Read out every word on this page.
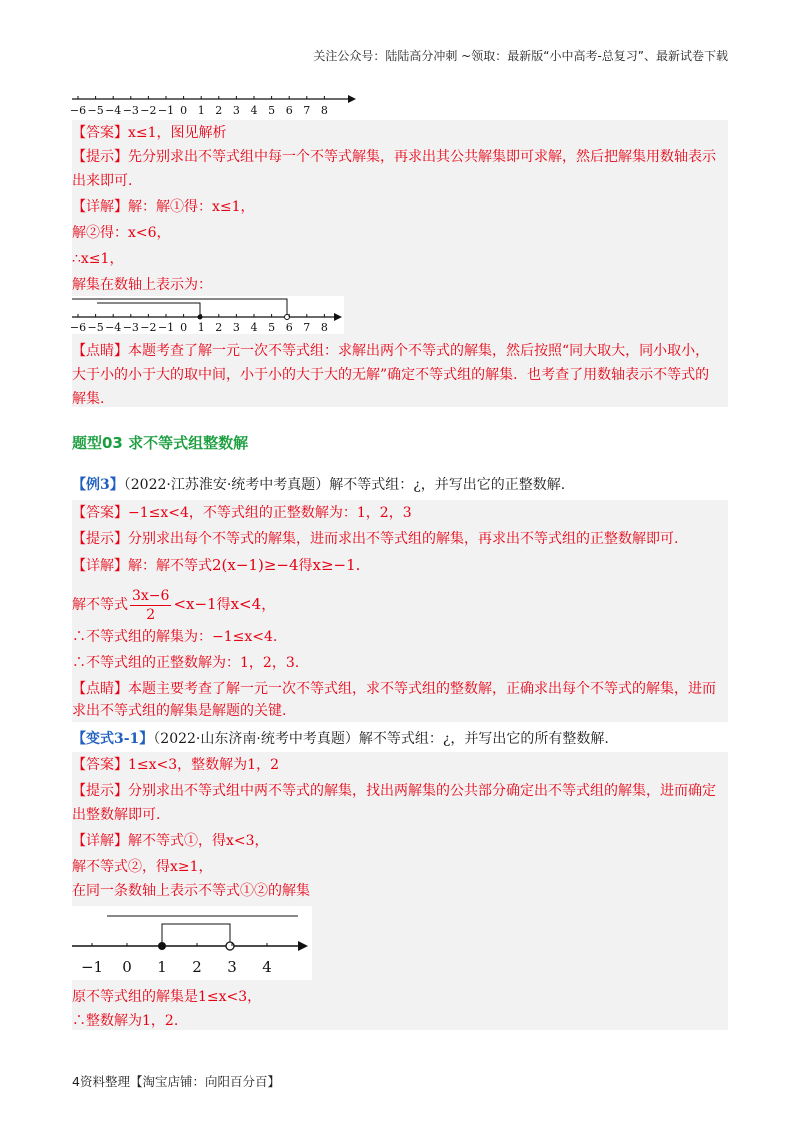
关注公众号：陆陆高分冲刺 ~领取：最新版“小中高考-总复习”、最新试卷下载
−6 −5 −4 −3 −2 −1 0 1 2 3 4 5 6 7 8
【答案】x≤1，图见解析
【提示】先分别求出不等式组中每一个不等式解集，再求出其公共解集即可求解，然后把解集用数轴表示
出来即可.
【详解】解：解①得：x≤1，
解②得：x<6，
∴x≤1，
解集在数轴上表示为：
−6 −5 −4 −3 −2 −1 0 1 2 3 4 5 6 7 8
【点睛】本题考查了解一元一次不等式组：求解出两个不等式的解集，然后按照“同大取大，同小取小，
大于小的小于大的取中间，小于小的大于大的无解”确定不等式组的解集．也考查了用数轴表示不等式的
解集.
题型03 求不等式组整数解
【例3】（2022·江苏淮安·统考中考真题）解不等式组：¿，并写出它的正整数解.
【答案】−1≤x<4，不等式组的正整数解为：1，2，3
【提示】分别求出每个不等式的解集，进而求出不等式组的解集，再求出不等式组的正整数解即可.
【详解】解：解不等式2(x−1)≥−4得x≥−1.
解不等式 $\frac{3x-6}{2} <x-1$得x<4，
∴不等式组的解集为：−1≤x<4.
∴不等式组的正整数解为：1，2，3.
【点睛】本题主要考查了解一元一次不等式组，求不等式组的整数解，正确求出每个不等式的解集，进而
求出不等式组的解集是解题的关键.
【变式3-1】（2022·山东济南·统考中考真题）解不等式组：¿，并写出它的所有整数解.
【答案】1≤x<3，整数解为1，2
【提示】分别求出不等式组中两不等式的解集，找出两解集的公共部分确定出不等式组的解集，进而确定
出整数解即可.
【详解】解不等式①，得x<3，
解不等式②，得x≥1，
在同一条数轴上表示不等式①②的解集
−1 0 1 2 3 4
原不等式组的解集是1≤x<3，
∴整数解为1，2.
4资料整理【淘宝店铺：向阳百分百】
